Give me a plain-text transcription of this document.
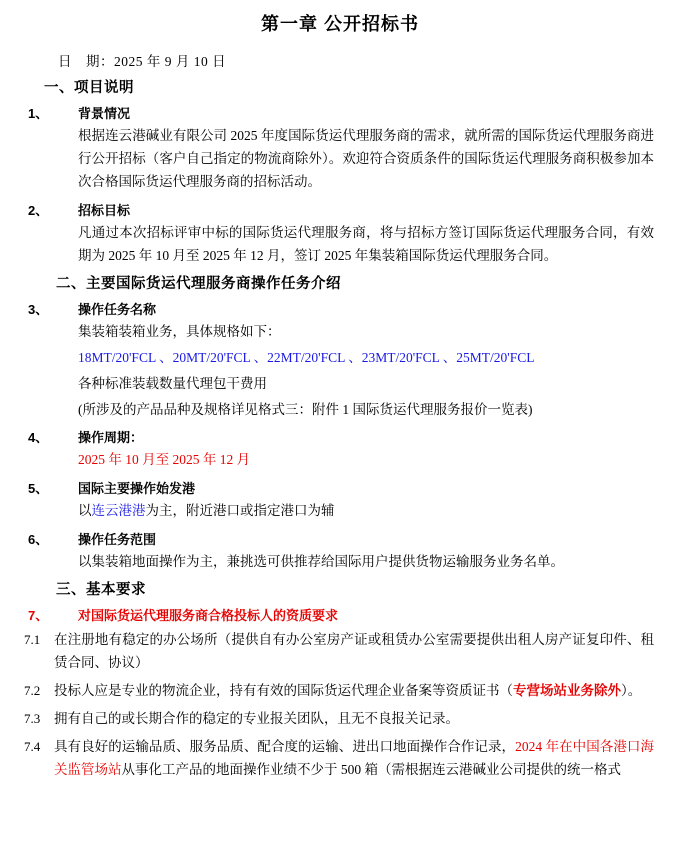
第一章 公开招标书
日　期：2025 年 9 月 10 日
一、项目说明
1、	背景情况
根据连云港碱业有限公司 2025 年度国际货运代理服务商的需求，就所需的国际货运代理服务商进行公开招标（客户自己指定的物流商除外）。欢迎符合资质条件的国际货运代理服务商积极参加本次合格国际货运代理服务商的招标活动。
2、	招标目标
凡通过本次招标评审中标的国际货运代理服务商，将与招标方签订国际货运代理服务合同，有效期为 2025 年 10 月至 2025 年 12 月，签订 2025 年集装箱国际货运代理服务合同。
二、主要国际货运代理服务商操作任务介绍
3、	操作任务名称
集装箱装箱业务，具体规格如下：
18MT/20'FCL 、20MT/20'FCL 、22MT/20'FCL 、23MT/20'FCL 、25MT/20'FCL
各种标准装载数量代理包干费用
(所涉及的产品品种及规格详见格式三：附件 1 国际货运代理服务报价一览表)
4、	操作周期：
2025 年 10 月至 2025 年 12 月
5、	国际主要操作始发港
以连云港港为主，附近港口或指定港口为辅
6、	操作任务范围
以集装箱地面操作为主，兼挑选可供推荐给国际用户提供货物运输服务业务名单。
三、基本要求
7、	对国际货运代理服务商合格投标人的资质要求
7.1	在注册地有稳定的办公场所（提供自有办公室房产证或租赁办公室需要提供出租人房产证复印件、租赁合同、协议）
7.2	投标人应是专业的物流企业，持有有效的国际货运代理企业备案等资质证书（专营场站业务除外）。
7.3	拥有自己的或长期合作的稳定的专业报关团队，且无不良报关记录。
7.4	具有良好的运输品质、服务品质、配合度的运输、进出口地面操作合作记录，2024 年在中国各港口海关监管场站从事化工产品的地面操作业绩不少于 500 箱（需根据连云港碱业公司提供的统一格式
